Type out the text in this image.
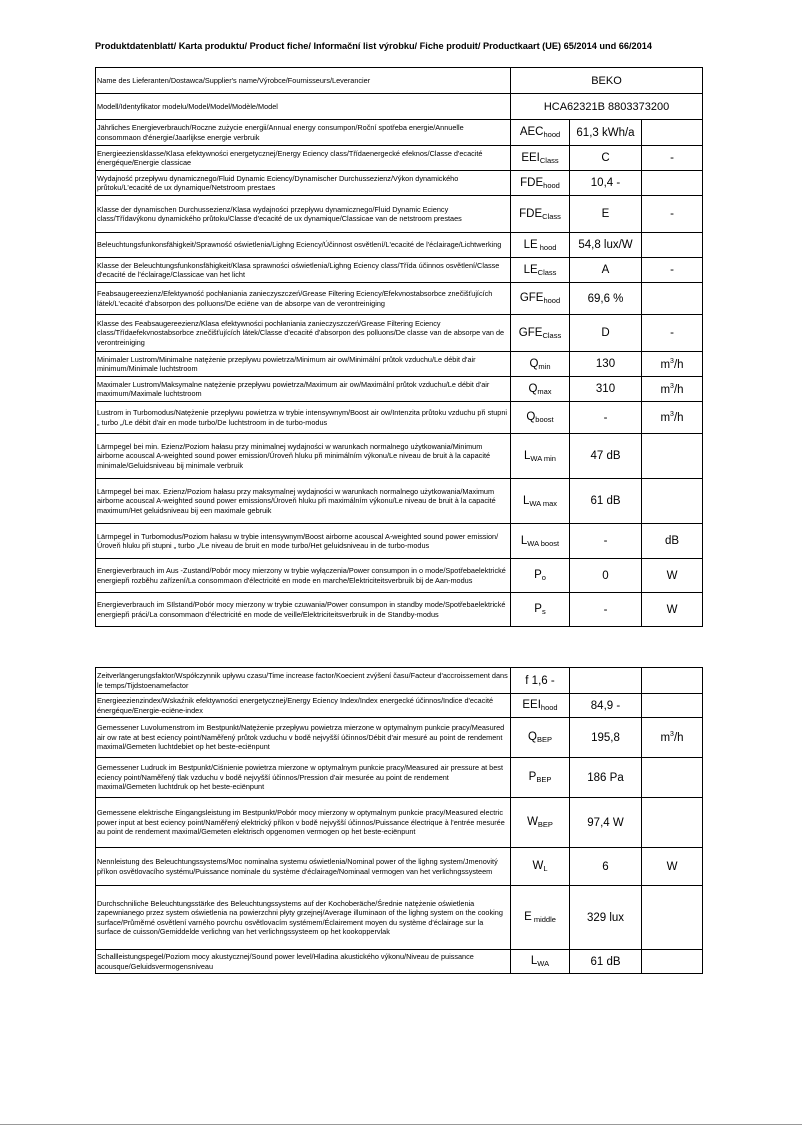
Produktdatenblatt/ Karta produktu/ Product fiche/ Informační list výrobku/ Fiche produit/ Productkaart (UE) 65/2014 und 66/2014
Name des Lieferanten/Dostawca/Supplier's name/Výrobce/Fournisseurs/Leverancier	BEKO		
Modell/Identyfikator modelu/Model/Model/Modèle/Model	HCA62321B 8803373200		
Jährliches Energieverbrauch/Roczne zużycie energii/Annual energy consumpon/Roční spotřeba energie/Annuelle consommaon d'énergie/Jaarlijkse energie verbruik	$AEC_{hood}$	61,3 kWh/a	
Energieeziensklasse/Klasa efektywności energetycznej/Energy Eciency class/Třídaenergecké efeknos/Classe d'ecacité énergéque/Energie classicae	$EEI_{Class}$	C	-
Wydajność przepływu dynamicznego/Fluid Dynamic Eciency/Dynamischer Durchussezienz/Výkon dynamického průtoku/L'ecacité de ux dynamique/Netstroom prestaes	$FDE_{hood}$	10,4 -	
Klasse der dynamischen Durchussezienz/Klasa wydajności przepływu dynamicznego/Fluid Dynamic Eciency class/Třídavýkonu dynamického průtoku/Classe d'ecacité de ux dynamique/Classicae van de netstroom prestaes	$FDE_{Class}$	E	-
Beleuchtungsfunkonsfähigkeit/Sprawność oświetlenia/Lighng Eciency/Účinnost osvětlení/L'ecacité de l'éclairage/Lichtwerking	LE $_{hood}$	54,8 lux/W	
Klasse der Beleuchtungsfunkonsfähigkeit/Klasa sprawności oświetlenia/Lighng Eciency class/Třída účinnos osvětlení/Classe d'ecacité de l'éclairage/Classicae van het licht	$LE_{Class}$	A	-
Feabsaugereezienz/Efektywność pochłaniania zanieczyszczeń/Grease Filtering Eciency/Efekvnostabsorbce znečišťujících látek/L'ecacité d'absorpon des polluons/De eciëne van de absorpe van de verontreiniging	$GFE_{hood}$	69,6 %	
Klasse des Feabsaugereezienz/Klasa efektywności pochłaniania zanieczyszczeń/Grease Filtering Eciency class/Třídaefekvnostabsorbce znečišťujících látek/Classe d'ecacité d'absorpon des polluons/De classe van de absorpe van de verontreiniging	$GFE_{Class}$	D	-
Minimaler Lustrom/Minimalne natężenie przepływu powietrza/Minimum air ow/Minimální průtok vzduchu/Le débit d'air minimum/Minimale luchtstroom	$Q_{min}$	130	$m^3/h$
Maximaler Lustrom/Maksymalne natężenie przepływu powietrza/Maximum air ow/Maximální průtok vzduchu/Le débit d'air maximum/Maximale luchtstroom	$Q_{max}$	310	$m^3/h$
Lustrom in Turbomodus/Natężenie przepływu powietrza w trybie intensywnym/Boost air ow/Intenzita průtoku vzduchu při stupni „ turbo „/Le débit d'air en mode turbo/De luchtstroom in de turbo-modus	$Q_{boost}$	-	$m^3/h$
Lärmpegel bei min. Ezienz/Poziom hałasu przy minimalnej wydajności w warunkach normalnego użytkowania/Minimum airborne acouscal A-weighted sound power emission/Úroveň hluku při minimálním výkonu/Le niveau de bruit à la capacité minimale/Geluidsniveau bij minimale verbruik	$L_{WA min}$	47 dB	
Lärmpegel bei max. Ezienz/Poziom hałasu przy maksymalnej wydajności w warunkach normalnego użytkowania/Maximum airborne acouscal A-weighted sound power emissions/Úroveň hluku při maximálním výkonu/Le niveau de bruit à la capacité maximum/Het geluidsniveau bij een maximale gebruik	$L_{WA max}$	61 dB	
Lärmpegel in Turbomodus/Poziom hałasu w trybie intensywnym/Boost airborne acouscal A-weighted sound power emission/Úroveň hluku při stupni „ turbo „/Le niveau de bruit en mode turbo/Het geluidsniveau in de turbo-modus	$L_{WA boost}$	-	dB
Energieverbrauch im Aus -Zustand/Pobór mocy mierzony w trybie wyłączenia/Power consumpon in o mode/Spotřebaelektrické energiepři rozběhu zařízení/La consommaon d'électricité en mode en marche/Elektriciteitsverbruik bij de Aan-modus	$P_o$	0	W
Energieverbrauch im SIlstand/Pobór mocy mierzony w trybie czuwania/Power consumpon in standby mode/Spotřebaelektrické energiepři práci/La consommaon d'électricité en mode de veille/Elektriciteitsverbruik in de Standby-modus	$P_s$	-	W
Zeitverlängerungsfaktor/Współczynnik upływu czasu/Time increase factor/Koecient zvýšení času/Facteur d'accroissement dans le temps/Tijdstoenamefactor	f 1,6 -		
Energieezienzindex/Wskaźnik efektywności energetycznej/Energy Eciency Index/Index energecké účinnos/Indice d'ecacité énergéque/Energie-eciëne-index	$EEI_{hood}$	84,9 -	
Gemessener Luvolumenstrom im Bestpunkt/Natężenie przepływu powietrza mierzone w optymalnym punkcie pracy/Measured air ow rate at best eciency point/Naměřený průtok vzduchu v bodě nejvyšší účinnos/Débit d'air mesuré au point de rendement maximal/Gemeten luchtdebiet op het beste-eciënpunt	$Q_{BEP}$	195,8	$m^3/h$
Gemessener Ludruck im Bestpunkt/Ciśnienie powietrza mierzone w optymalnym punkcie pracy/Measured air pressure at best eciency point/Naměřený tlak vzduchu v bodě nejvyšší účinnos/Pression d'air mesurée au point de rendement maximal/Gemeten luchtdruk op het beste-eciënpunt	$P_{BEP}$	186 Pa	
Gemessene elektrische Eingangsleistung im Bestpunkt/Pobór mocy mierzony w optymalnym punkcie pracy/Measured electric power input at best eciency point/Naměřený elektrický příkon v bodě nejvyšší účinnos/Puissance électrique à l'entrée mesurée au point de rendement maximal/Gemeten elektrisch opgenomen vermogen op het beste-eciënpunt	$W_{BEP}$	97,4 W	
Nennleistung des Beleuchtungssystems/Moc nominalna systemu oświetlenia/Nominal power of the lighng system/Jmenovitý příkon osvětlovacího systému/Puissance nominale du système d'éclairage/Nominaal vermogen van het verlichngssysteem	$W_L$	6	W
Durchschniliche Beleuchtungsstärke des Beleuchtungssystems auf der Kochoberäche/Średnie natężenie oświetlenia zapewnianego przez system oświetlenia na powierzchni płyty grzejnej/Average illuminaon of the lighng system on the cooking surface/Průměrné osvětlení varného povrchu osvětlovacím systémem/Éclairement moyen du système d'éclairage sur la surface de cuisson/Gemiddelde verlichng van het verlichngssysteem op het kookoppervlak	E $_{middle}$	329 lux	
Schallleistungspegel/Poziom mocy akustycznej/Sound power level/Hladina akustického výkonu/Niveau de puissance acousque/Geluidsvermogensniveau	$L_{WA}$	61 dB	
